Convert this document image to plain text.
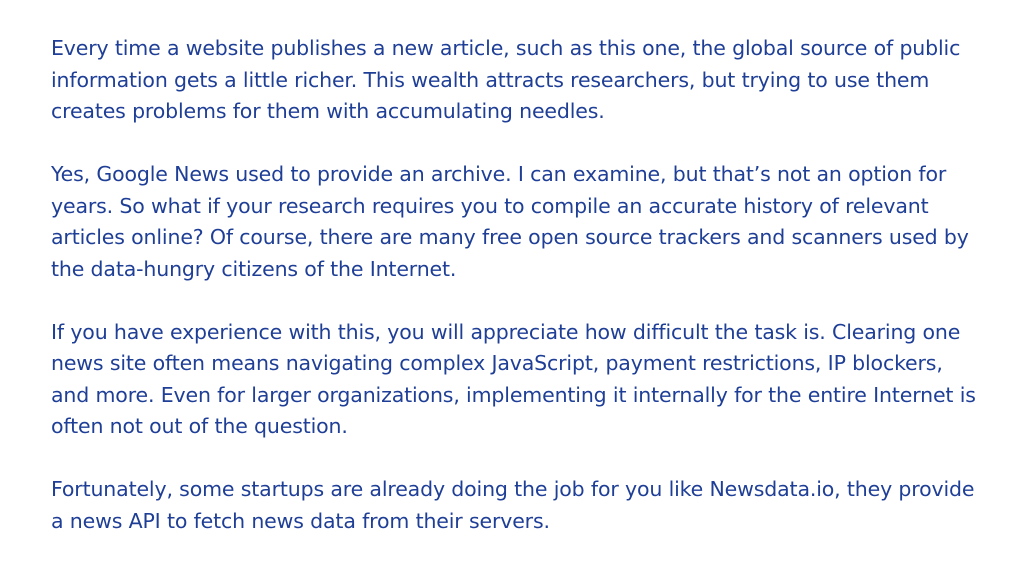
Every time a website publishes a new article, such as this one, the global source of public information gets a little richer. This wealth attracts researchers, but trying to use them creates problems for them with accumulating needles.

Yes, Google News used to provide an archive. I can examine, but that’s not an option for years. So what if your research requires you to compile an accurate history of relevant articles online? Of course, there are many free open source trackers and scanners used by the data-hungry citizens of the Internet.

If you have experience with this, you will appreciate how difficult the task is. Clearing one news site often means navigating complex JavaScript, payment restrictions, IP blockers, and more. Even for larger organizations, implementing it internally for the entire Internet is often not out of the question.

Fortunately, some startups are already doing the job for you like Newsdata.io, they provide a news API to fetch news data from their servers.
